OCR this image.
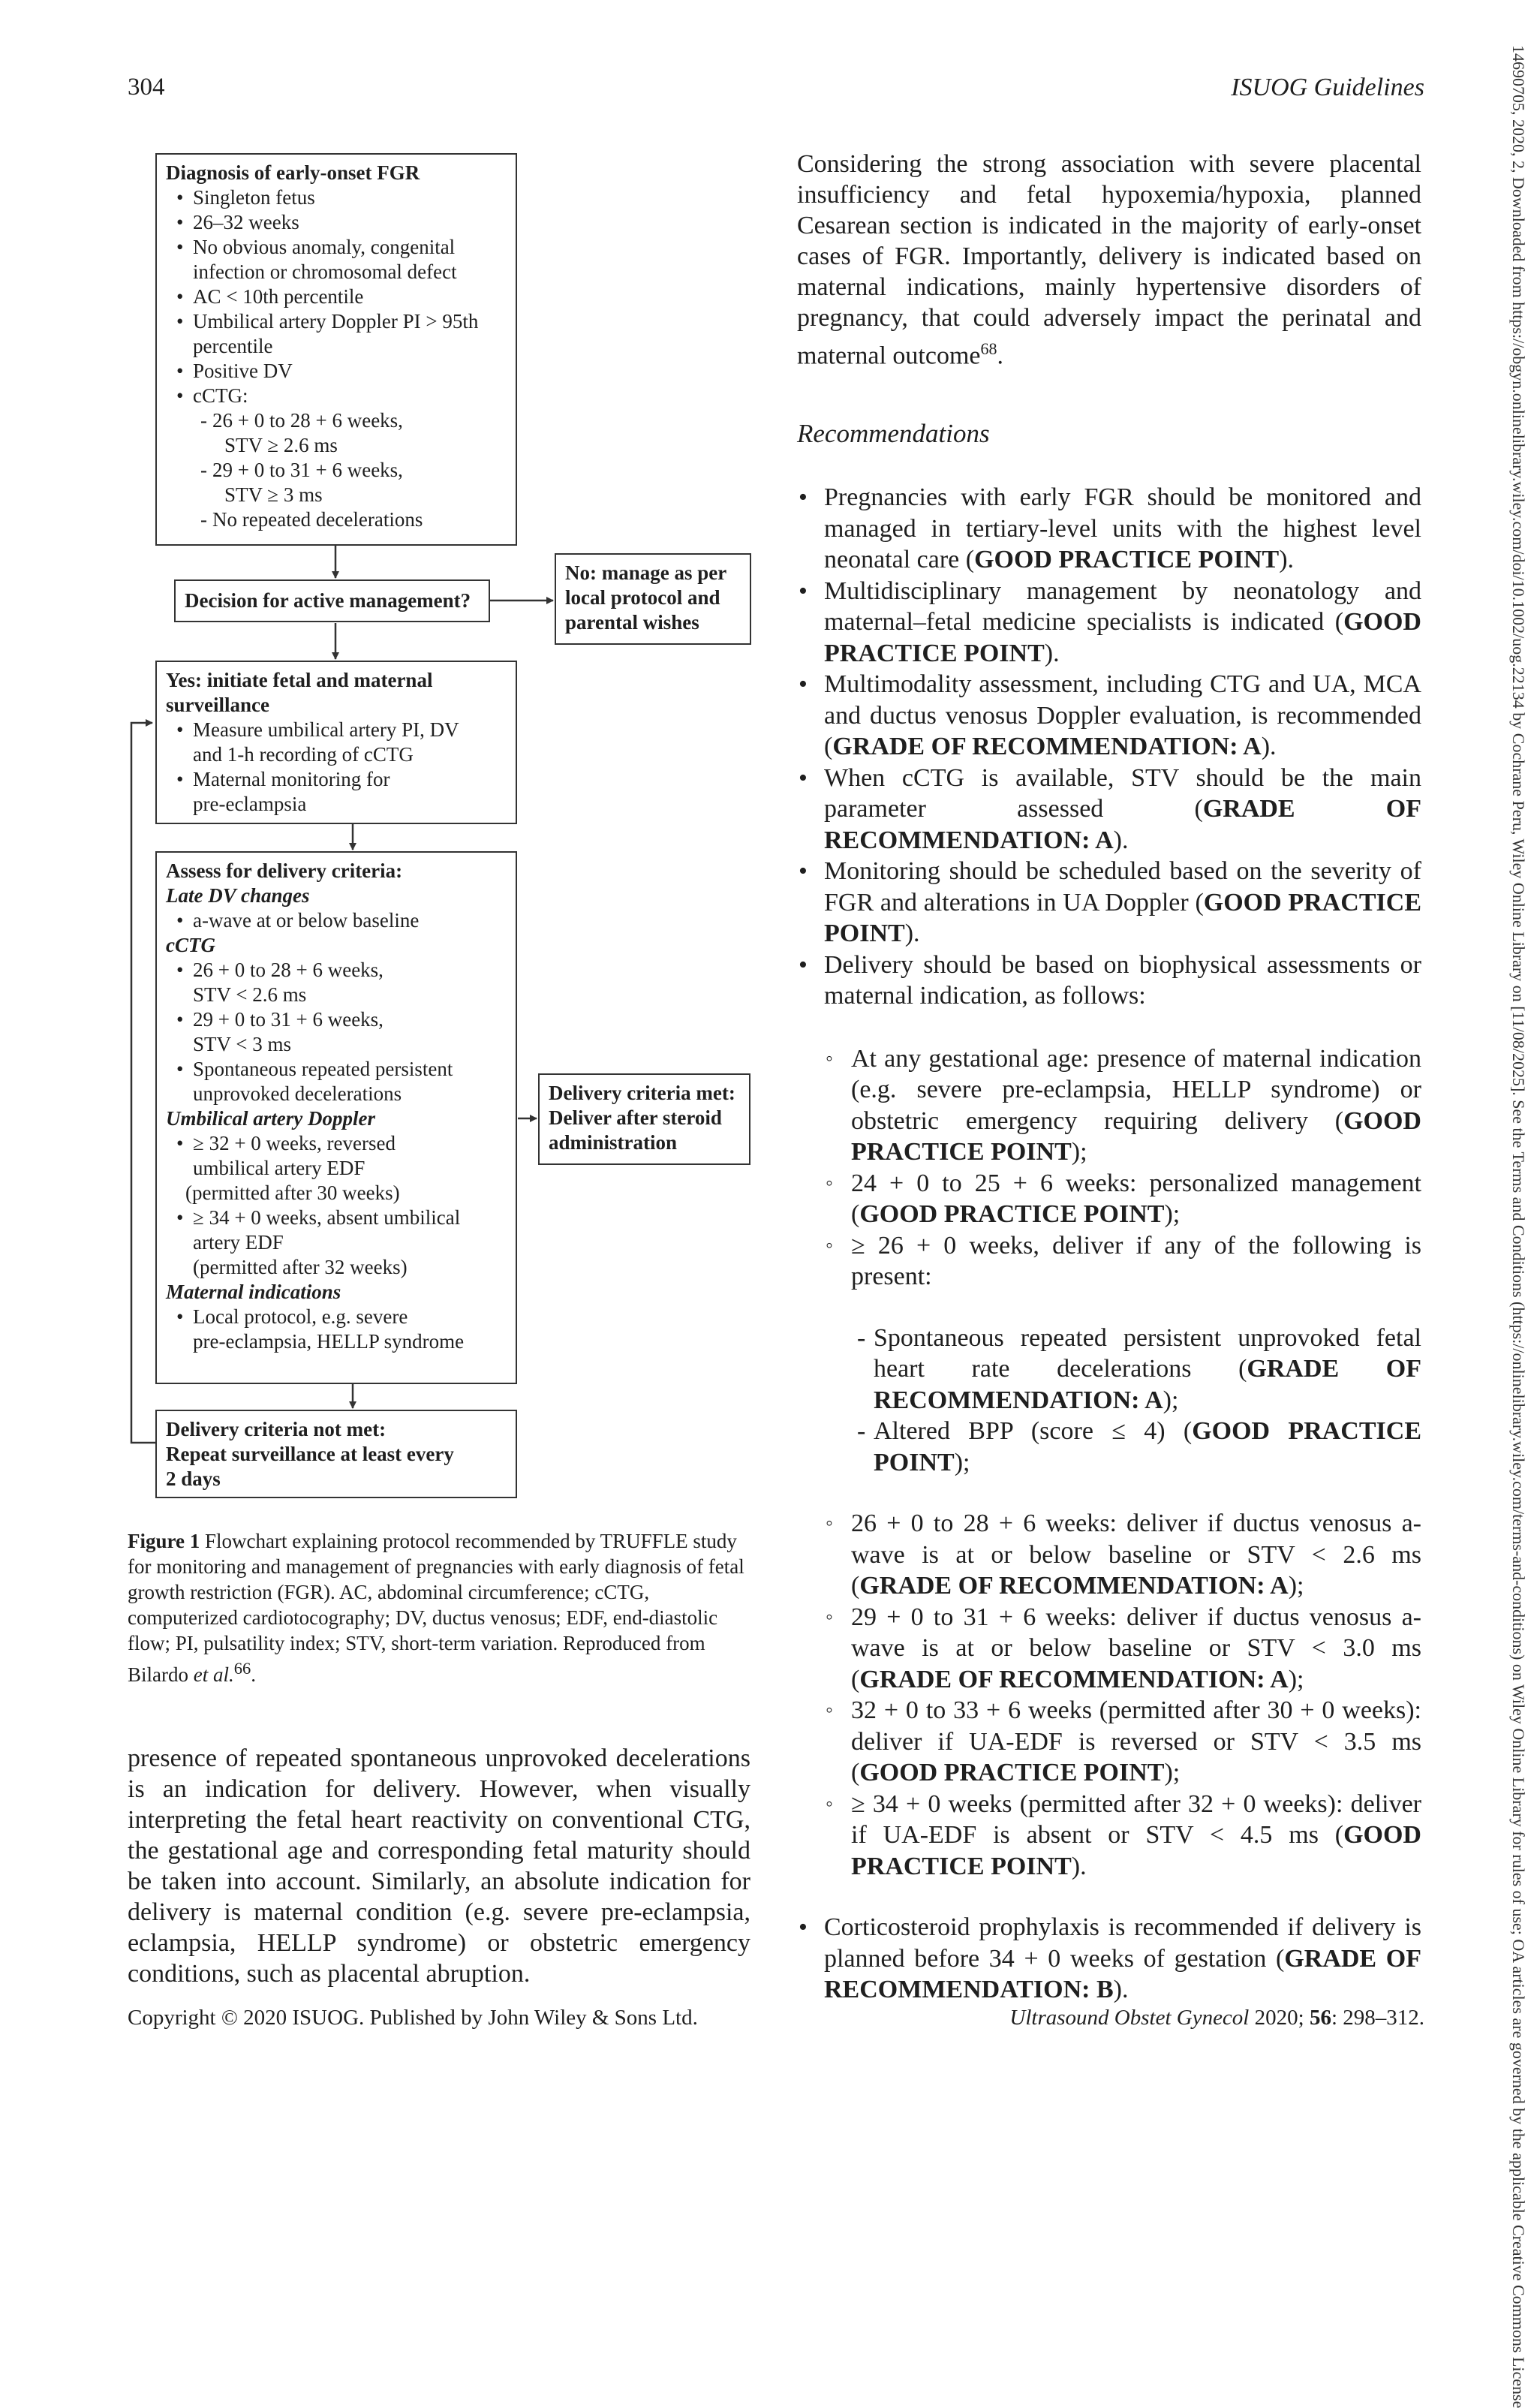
304	ISUOG Guidelines	14690705, 2020, 2, Downloaded from https://obgyn.onlinelibrary.wiley.com/doi/10.1002/uog.22134 by Cochrane Peru, Wiley Online Library on [11/08/2025]. See the Terms and Conditions (https://onlinelibrary.wiley.com/terms-and-conditions) on Wiley Online Library for rules of use; OA articles are governed by the applicable Creative Commons License
Diagnosis of early-onset FGR
• Singleton fetus
• 26–32 weeks
• No obvious anomaly, congenital
infection or chromosomal defect
• AC < 10th percentile
• Umbilical artery Doppler PI > 95th
percentile
• Positive DV
• cCTG:
- 26 + 0 to 28 + 6 weeks,
STV ≥ 2.6 ms
- 29 + 0 to 31 + 6 weeks,
STV ≥ 3 ms
- No repeated decelerations
Decision for active management?
No: manage as per
local protocol and
parental wishes
Yes: initiate fetal and maternal
surveillance
• Measure umbilical artery PI, DV
and 1-h recording of cCTG
• Maternal monitoring for
pre-eclampsia
Assess for delivery criteria:
Late DV changes
• a-wave at or below baseline
cCTG
• 26 + 0 to 28 + 6 weeks,
STV < 2.6 ms
• 29 + 0 to 31 + 6 weeks,
STV < 3 ms
• Spontaneous repeated persistent
unprovoked decelerations
Umbilical artery Doppler
• ≥ 32 + 0 weeks, reversed
umbilical artery EDF
(permitted after 30 weeks)
• ≥ 34 + 0 weeks, absent umbilical
artery EDF
(permitted after 32 weeks)
Maternal indications
• Local protocol, e.g. severe
pre-eclampsia, HELLP syndrome
Delivery criteria met:
Deliver after steroid
administration
Delivery criteria not met:
Repeat surveillance at least every
2 days
Figure 1 Flowchart explaining protocol recommended by TRUFFLE study for monitoring and management of pregnancies with early diagnosis of fetal growth restriction (FGR). AC, abdominal circumference; cCTG, computerized cardiotocography; DV, ductus venosus; EDF, end-diastolic flow; PI, pulsatility index; STV, short-term variation. Reproduced from Bilardo et al.$^{66}$.
presence of repeated spontaneous unprovoked decelerations is an indication for delivery. However, when visually interpreting the fetal heart reactivity on conventional CTG, the gestational age and corresponding fetal maturity should be taken into account. Similarly, an absolute indication for delivery is maternal condition (e.g. severe pre-eclampsia, eclampsia, HELLP syndrome) or obstetric emergency conditions, such as placental abruption.
Considering the strong association with severe placental insufficiency and fetal hypoxemia/hypoxia, planned Cesarean section is indicated in the majority of early-onset cases of FGR. Importantly, delivery is indicated based on maternal indications, mainly hypertensive disorders of pregnancy, that could adversely impact the perinatal and maternal outcome$^{68}$.
Recommendations
• Pregnancies with early FGR should be monitored and managed in tertiary-level units with the highest level neonatal care (GOOD PRACTICE POINT).
• Multidisciplinary management by neonatology and maternal–fetal medicine specialists is indicated (GOOD PRACTICE POINT).
• Multimodality assessment, including CTG and UA, MCA and ductus venosus Doppler evaluation, is recommended (GRADE OF RECOMMENDATION: A).
• When cCTG is available, STV should be the main parameter assessed (GRADE OF RECOMMENDATION: A).
• Monitoring should be scheduled based on the severity of FGR and alterations in UA Doppler (GOOD PRACTICE POINT).
• Delivery should be based on biophysical assessments or maternal indication, as follows:
◦ At any gestational age: presence of maternal indication (e.g. severe pre-eclampsia, HELLP syndrome) or obstetric emergency requiring delivery (GOOD PRACTICE POINT);
◦ 24 + 0 to 25 + 6 weeks: personalized management (GOOD PRACTICE POINT);
◦ ≥ 26 + 0 weeks, deliver if any of the following is present:
- Spontaneous repeated persistent unprovoked fetal heart rate decelerations (GRADE OF RECOMMENDATION: A);
- Altered BPP (score ≤ 4) (GOOD PRACTICE POINT);
◦ 26 + 0 to 28 + 6 weeks: deliver if ductus venosus a-wave is at or below baseline or STV < 2.6 ms (GRADE OF RECOMMENDATION: A);
◦ 29 + 0 to 31 + 6 weeks: deliver if ductus venosus a-wave is at or below baseline or STV < 3.0 ms (GRADE OF RECOMMENDATION: A);
◦ 32 + 0 to 33 + 6 weeks (permitted after 30 + 0 weeks): deliver if UA-EDF is reversed or STV < 3.5 ms (GOOD PRACTICE POINT);
◦ ≥ 34 + 0 weeks (permitted after 32 + 0 weeks): deliver if UA-EDF is absent or STV < 4.5 ms (GOOD PRACTICE POINT).
• Corticosteroid prophylaxis is recommended if delivery is planned before 34 + 0 weeks of gestation (GRADE OF RECOMMENDATION: B).
Copyright © 2020 ISUOG. Published by John Wiley & Sons Ltd.	Ultrasound Obstet Gynecol 2020; 56: 298–312.
